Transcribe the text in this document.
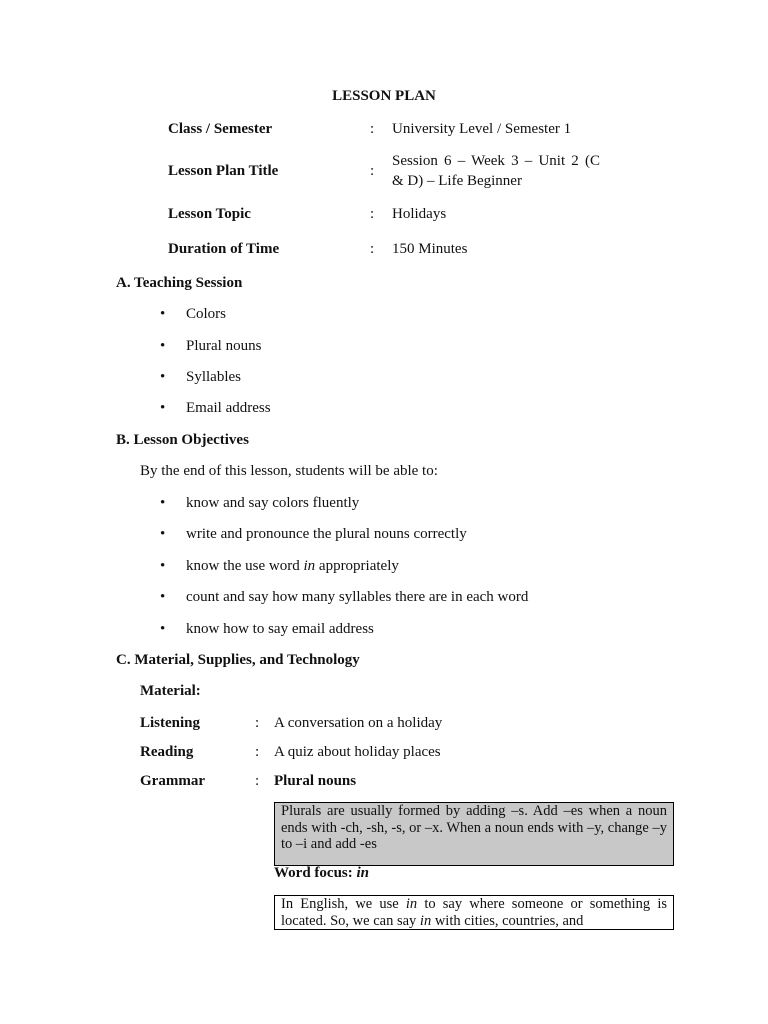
LESSON PLAN
Class / Semester	: University Level / Semester 1
Lesson Plan Title	:
Session 6 – Week 3 – Unit 2 (C
& D) – Life Beginner
Lesson Topic	: Holidays
Duration of Time	: 150 Minutes
A. Teaching Session
• Colors
• Plural nouns
• Syllables
• Email address
B. Lesson Objectives
By the end of this lesson, students will be able to:
• know and say colors fluently
• write and pronounce the plural nouns correctly
• know the use word in appropriately
• count and say how many syllables there are in each word
• know how to say email address
C. Material, Supplies, and Technology
Material:
Listening	: A conversation on a holiday
Reading	: A quiz about holiday places
Grammar	: Plural nouns
Plurals are usually formed by adding –s. Add –es when a noun ends with -ch, -sh, -s, or –x. When a noun ends with –y, change –y to –i and add -es
Word focus: in
In English, we use in to say where someone or something is located. So, we can say in with cities, countries, and
